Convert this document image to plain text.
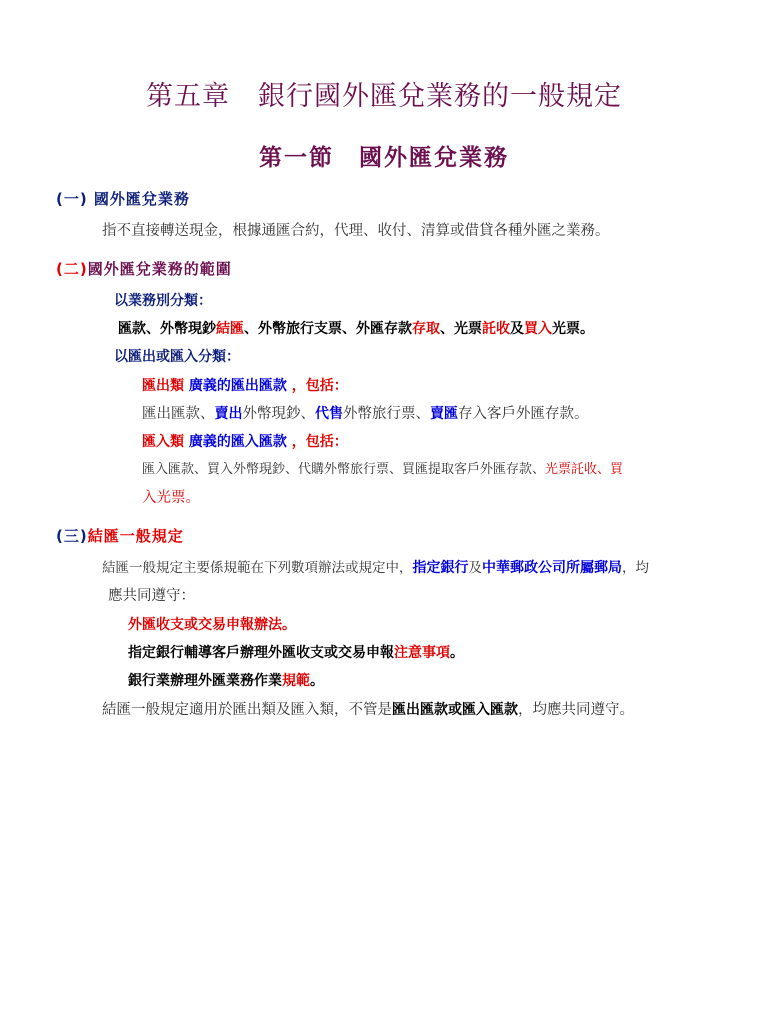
第五章　銀行國外匯兌業務的一般規定
第一節　國外匯兌業務
(一) 國外匯兌業務
指不直接轉送現金，根據通匯合約，代理、收付、清算或借貸各種外匯之業務。
(二)國外匯兌業務的範圍
以業務別分類：
匯款、外幣現鈔結匯、外幣旅行支票、外匯存款存取、光票託收及買入光票。
以匯出或匯入分類：
匯出類 廣義的匯出匯款 ，包括：
匯出匯款、賣出外幣現鈔、代售外幣旅行票、賣匯存入客戶外匯存款。
匯入類 廣義的匯入匯款 ，包括：
匯入匯款、買入外幣現鈔、代購外幣旅行票、買匯提取客戶外匯存款、光票託收、買
入光票。
(三)結匯一般規定
結匯一般規定主要係規範在下列數項辦法或規定中，指定銀行及中華郵政公司所屬郵局，均
應共同遵守：
外匯收支或交易申報辦法。
指定銀行輔導客戶辦理外匯收支或交易申報注意事項。
銀行業辦理外匯業務作業規範。
結匯一般規定適用於匯出類及匯入類，不管是匯出匯款或匯入匯款，均應共同遵守。
